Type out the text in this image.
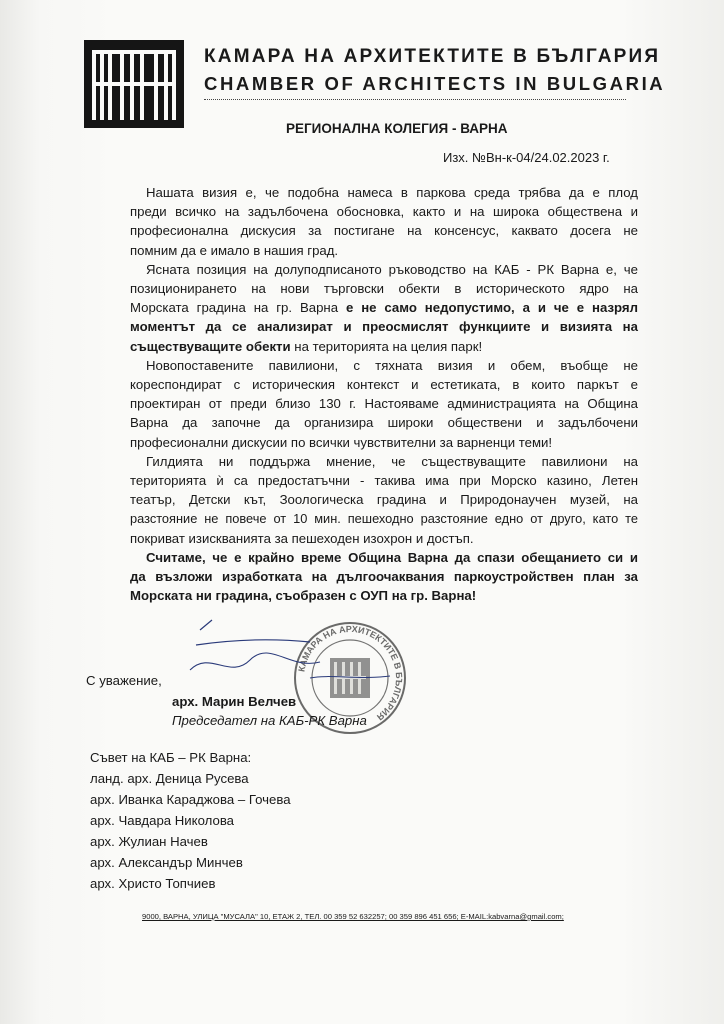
КАМАРА НА АРХИТЕКТИТЕ В БЪЛГАРИЯ
CHAMBER OF ARCHITECTS IN BULGARIA
РЕГИОНАЛНА КОЛЕГИЯ - ВАРНА
Изх. №Вн-к-04/24.02.2023 г.
Нашата визия е, че подобна намеса в паркова среда трябва да е плод
преди всичко на задълбочена обосновка, както и на широка обществена и
професионална дискусия за постигане на консенсус, каквато досега не
помним да е имало в нашия град.
Ясната позиция на долуподписаното ръководство на КАБ - РК Варна е, че
позиционирането на нови търговски обекти в историческото ядро на
Морската градина на гр. Варна е не само недопустимо, а и че е назрял
моментът да се анализират и преосмислят функциите и визията на
съществуващите обекти на територията на целия парк!
Новопоставените павилиони, с тяхната визия и обем, въобще не
кореспондират с историческия контекст и естетиката, в които паркът е
проектиран от преди близо 130 г. Настояваме администрацията на Община
Варна да започне да организира широки обществени и задълбочени
професионални дискусии по всички чувствителни за варненци теми!
Гилдията ни поддържа мнение, че съществуващите павилиони на
територията ѝ са предостатъчни - такива има при Морско казино, Летен
театър, Детски кът, Зоологическа градина и Природонаучен музей, на
разстояние не повече от 10 мин. пешеходно разстояние едно от друго, като те
покриват изискванията за пешеходен изохрон и достъп.
Считаме, че е крайно време Община Варна да спази обещанието си и
да възложи изработката на дългоочаквания паркоустройствен план за
Морската ни градина, съобразен с ОУП на гр. Варна!
КАМАРА НА АРХИТЕКТИТЕ В БЪЛГАРИЯ
С уважение,
арх. Марин Велчев
Председател на КАБ-РК Варна
Съвет на КАБ – РК Варна:
ланд. арх. Деница Русева
арх. Иванка Караджова – Гочева
арх. Чавдара Николова
арх. Жулиан Начев
арх. Александър Минчев
арх. Христо Топчиев
9000, ВАРНА, УЛИЦА "МУСАЛА" 10, ЕТАЖ 2, ТЕЛ. 00 359 52 632257; 00 359 896 451 656; E-MAIL:kabvarna@gmail.com;
